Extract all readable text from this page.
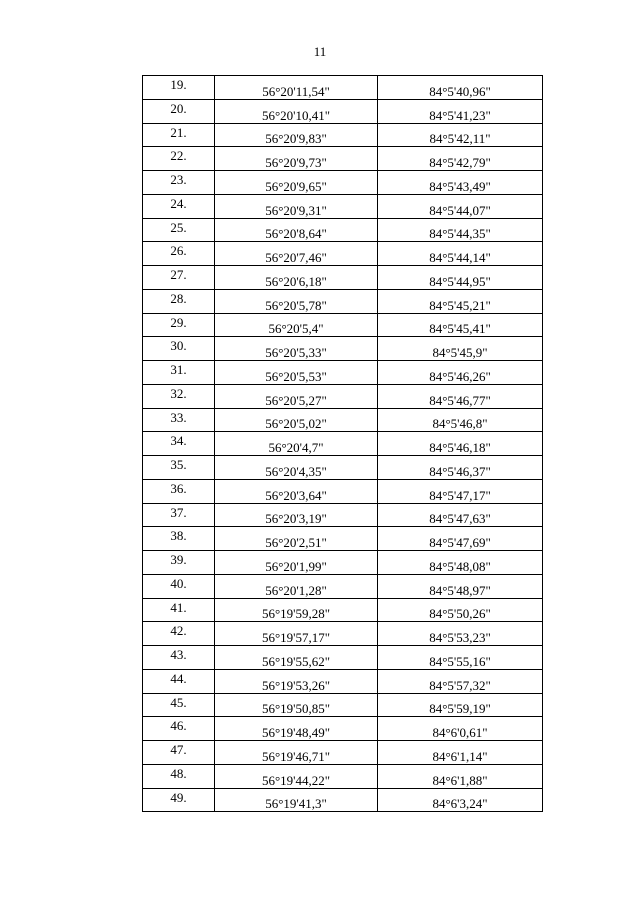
11
19.	56°20'11,54"	84°5'40,96"
20.	56°20'10,41"	84°5'41,23"
21.	56°20'9,83"	84°5'42,11"
22.	56°20'9,73"	84°5'42,79"
23.	56°20'9,65"	84°5'43,49"
24.	56°20'9,31"	84°5'44,07"
25.	56°20'8,64"	84°5'44,35"
26.	56°20'7,46"	84°5'44,14"
27.	56°20'6,18"	84°5'44,95"
28.	56°20'5,78"	84°5'45,21"
29.	56°20'5,4"	84°5'45,41"
30.	56°20'5,33"	84°5'45,9"
31.	56°20'5,53"	84°5'46,26"
32.	56°20'5,27"	84°5'46,77"
33.	56°20'5,02"	84°5'46,8"
34.	56°20'4,7"	84°5'46,18"
35.	56°20'4,35"	84°5'46,37"
36.	56°20'3,64"	84°5'47,17"
37.	56°20'3,19"	84°5'47,63"
38.	56°20'2,51"	84°5'47,69"
39.	56°20'1,99"	84°5'48,08"
40.	56°20'1,28"	84°5'48,97"
41.	56°19'59,28"	84°5'50,26"
42.	56°19'57,17"	84°5'53,23"
43.	56°19'55,62"	84°5'55,16"
44.	56°19'53,26"	84°5'57,32"
45.	56°19'50,85"	84°5'59,19"
46.	56°19'48,49"	84°6'0,61"
47.	56°19'46,71"	84°6'1,14"
48.	56°19'44,22"	84°6'1,88"
49.	56°19'41,3"	84°6'3,24"
